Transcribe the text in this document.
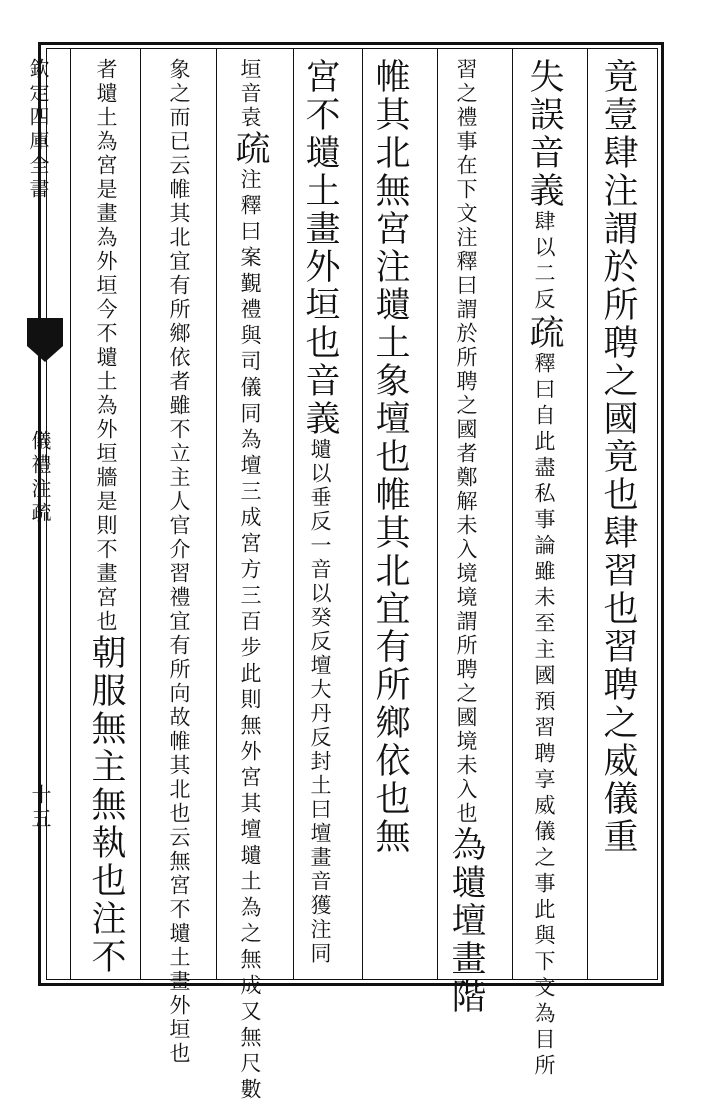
欽定四庫全書
儀禮注疏
十五	竟壹肆注謂於所聘之國竟也肆習也習聘之威儀重
失誤音義肆以二反疏釋曰自此盡私事論雖未至主國預習聘享威儀之事此與下文為目所
習之禮事在下文注釋曰謂於所聘之國者鄭解未入境境謂所聘之國境未入也為壝壇畫階
帷其北無宮注壝土象壇也帷其北宜有所鄉依也無
宮不壝土畫外垣也音義壝以垂反一音以癸反壇大丹反封土曰壇畫音獲注同
垣音袁疏注釋曰案覲禮與司儀同為壇三成宮方三百步此則無外宮其壇壝土為之無成又無尺數
象之而已云帷其北宜有所鄉依者雖不立主人官介習禮宜有所向故帷其北也云無宮不壝土畫外垣也
者壝土為宮是畫為外垣今不壝土為外垣牆是則不畫宮也朝服無主無執也注不
